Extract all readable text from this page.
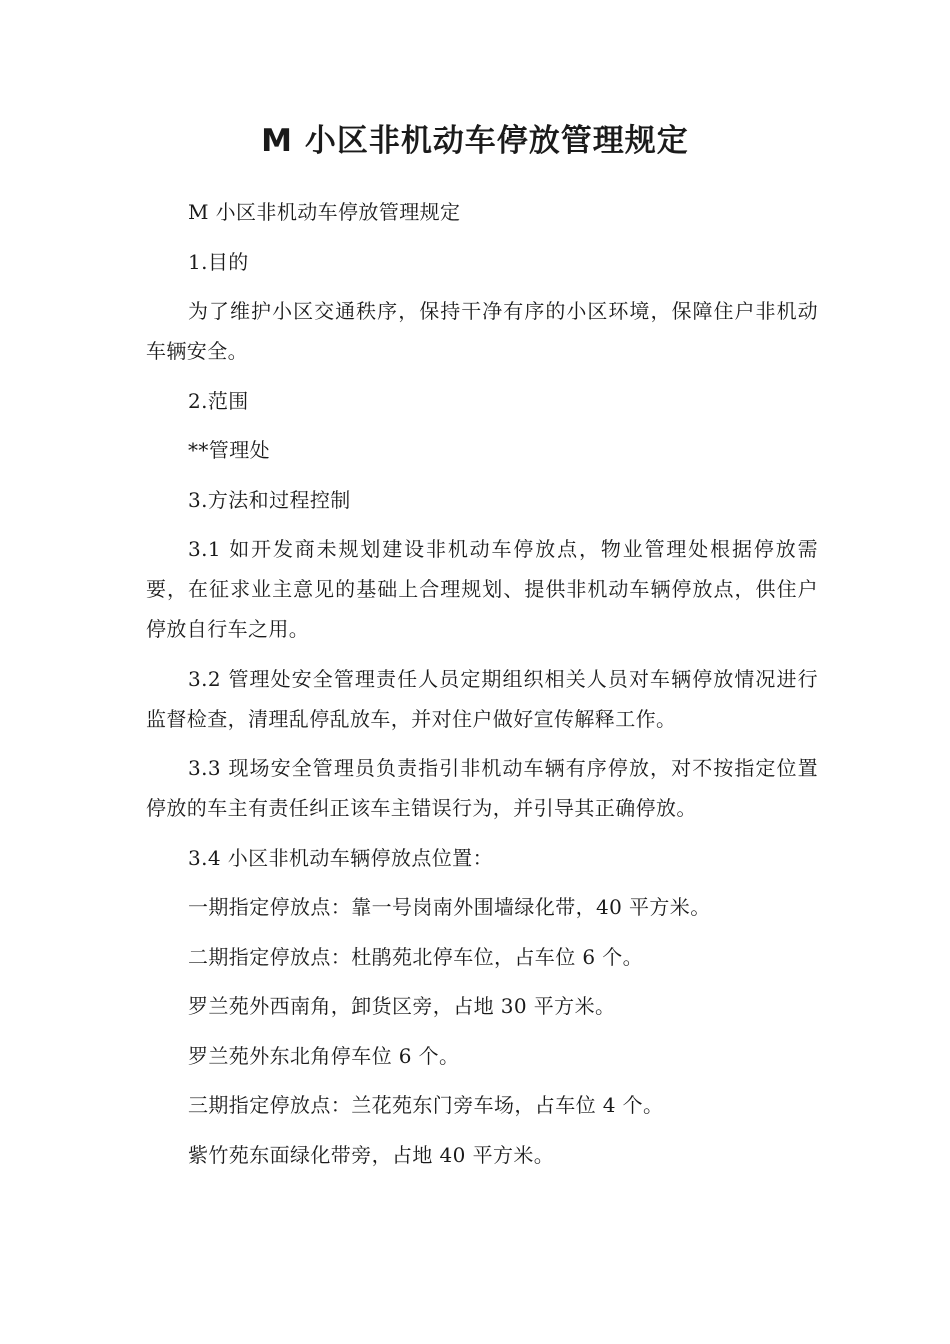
M 小区非机动车停放管理规定

M 小区非机动车停放管理规定

1.目的

为了维护小区交通秩序，保持干净有序的小区环境，保障住户非机动车辆安全。

2.范围

**管理处

3.方法和过程控制

3.1 如开发商未规划建设非机动车停放点，物业管理处根据停放需要，在征求业主意见的基础上合理规划、提供非机动车辆停放点，供住户停放自行车之用。

3.2 管理处安全管理责任人员定期组织相关人员对车辆停放情况进行监督检查，清理乱停乱放车，并对住户做好宣传解释工作。

3.3 现场安全管理员负责指引非机动车辆有序停放，对不按指定位置停放的车主有责任纠正该车主错误行为，并引导其正确停放。

3.4 小区非机动车辆停放点位置：

一期指定停放点：靠一号岗南外围墙绿化带，40 平方米。

二期指定停放点：杜鹃苑北停车位，占车位 6 个。

罗兰苑外西南角，卸货区旁，占地 30 平方米。

罗兰苑外东北角停车位 6 个。

三期指定停放点：兰花苑东门旁车场，占车位 4 个。

紫竹苑东面绿化带旁，占地 40 平方米。
